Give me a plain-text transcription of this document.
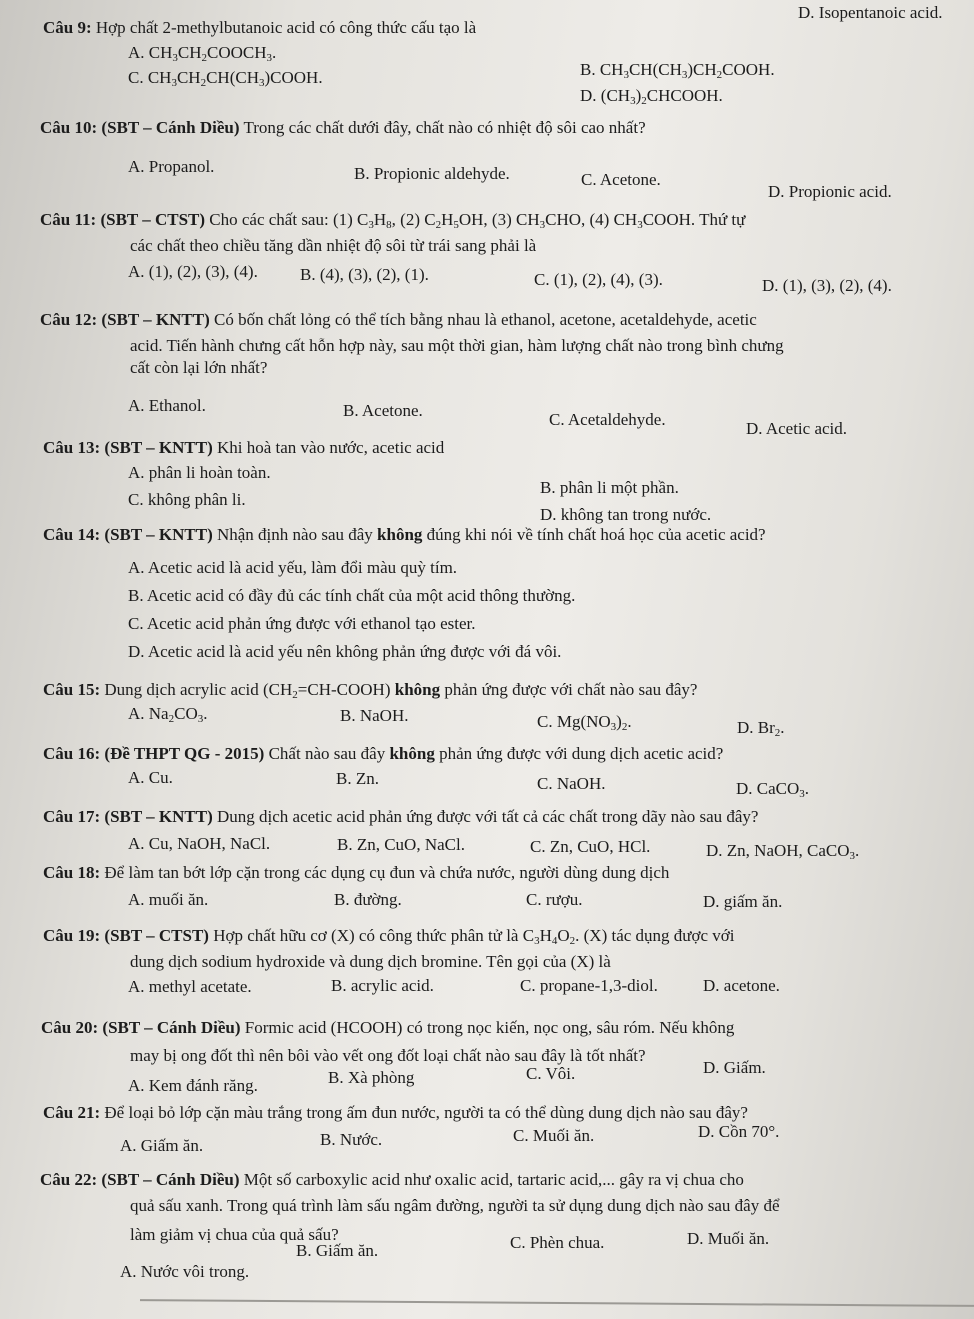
D. Isopentanoic acid.
Câu 9: Hợp chất 2-methylbutanoic acid có công thức cấu tạo là
A. $CH_3CH_2COOCH_3$.
B. $CH_3CH(CH_3)CH_2COOH$.
C. $CH_3CH_2CH(CH_3)COOH$.
D. $(CH_3)_2CHCOOH$.
Câu 10: (SBT – Cánh Diều) Trong các chất dưới đây, chất nào có nhiệt độ sôi cao nhất?
A. Propanol.	B. Propionic aldehyde.	C. Acetone.
D. Propionic acid.
Câu 11: (SBT – CTST) Cho các chất sau: (1) $C_3H_8$, (2) $C_2H_5OH$, (3) $CH_3CHO$, (4) $CH_3COOH$. Thứ tự
các chất theo chiều tăng dần nhiệt độ sôi từ trái sang phải là
A. (1), (2), (3), (4). B. (4), (3), (2), (1).	C. (1), (2), (4), (3).	D. (1), (3), (2), (4).
Câu 12: (SBT – KNTT) Có bốn chất lỏng có thể tích bằng nhau là ethanol, acetone, acetaldehyde, acetic
acid. Tiến hành chưng cất hỗn hợp này, sau một thời gian, hàm lượng chất nào trong bình chưng
cất còn lại lớn nhất?
A. Ethanol.	B. Acetone.	C. Acetaldehyde.	D. Acetic acid.
Câu 13: (SBT – KNTT) Khi hoà tan vào nước, acetic acid
A. phân li hoàn toàn.
B. phân li một phần.
C. không phân li.
D. không tan trong nước.
Câu 14: (SBT – KNTT) Nhận định nào sau đây không đúng khi nói về tính chất hoá học của acetic acid?
A. Acetic acid là acid yếu, làm đổi màu quỳ tím.
B. Acetic acid có đầy đủ các tính chất của một acid thông thường.
C. Acetic acid phản ứng được với ethanol tạo ester.
D. Acetic acid là acid yếu nên không phản ứng được với đá vôi.
Câu 15: Dung dịch acrylic acid $(CH_2=CH-COOH)$ không phản ứng được với chất nào sau đây?
A. $Na_2CO_3$.	B. NaOH.	C. $Mg(NO_3)_2$.	D. $Br_2$.
Câu 16: (Đề THPT QG - 2015) Chất nào sau đây không phản ứng được với dung dịch acetic acid?
A. Cu.	B. Zn.	C. NaOH.	D. CaCO$_3$.
Câu 17: (SBT – KNTT) Dung dịch acetic acid phản ứng được với tất cả các chất trong dãy nào sau đây?
A. Cu, NaOH, NaCl.	B. Zn, CuO, NaCl.	C. Zn, CuO, HCl.	D. Zn, NaOH, CaCO$_3$.
Câu 18: Để làm tan bớt lớp cặn trong các dụng cụ đun và chứa nước, người dùng dung dịch
A. muối ăn.	B. đường.	C. rượu.	D. giấm ăn.
Câu 19: (SBT – CTST) Hợp chất hữu cơ (X) có công thức phân tử là $C_3H_4O_2$. (X) tác dụng được với
dung dịch sodium hydroxide và dung dịch bromine. Tên gọi của (X) là
A. methyl acetate.	B. acrylic acid.	C. propane-1,3-diol.	D. acetone.
Câu 20: (SBT – Cánh Diều) Formic acid (HCOOH) có trong nọc kiến, nọc ong, sâu róm. Nếu không
may bị ong đốt thì nên bôi vào vết ong đốt loại chất nào sau đây là tốt nhất?
A. Kem đánh răng.	B. Xà phòng	C. Vôi.	D. Giấm.
Câu 21: Để loại bỏ lớp cặn màu trắng trong ấm đun nước, người ta có thể dùng dung dịch nào sau đây?
A. Giấm ăn.	B. Nước.	C. Muối ăn.	D. Cồn 70°.
Câu 22: (SBT – Cánh Diều) Một số carboxylic acid như oxalic acid, tartaric acid,... gây ra vị chua cho
quả sấu xanh. Trong quá trình làm sấu ngâm đường, người ta sử dụng dung dịch nào sau đây để
làm giảm vị chua của quả sấu?
A. Nước vôi trong.
B. Giấm ăn.	C. Phèn chua.	D. Muối ăn.
